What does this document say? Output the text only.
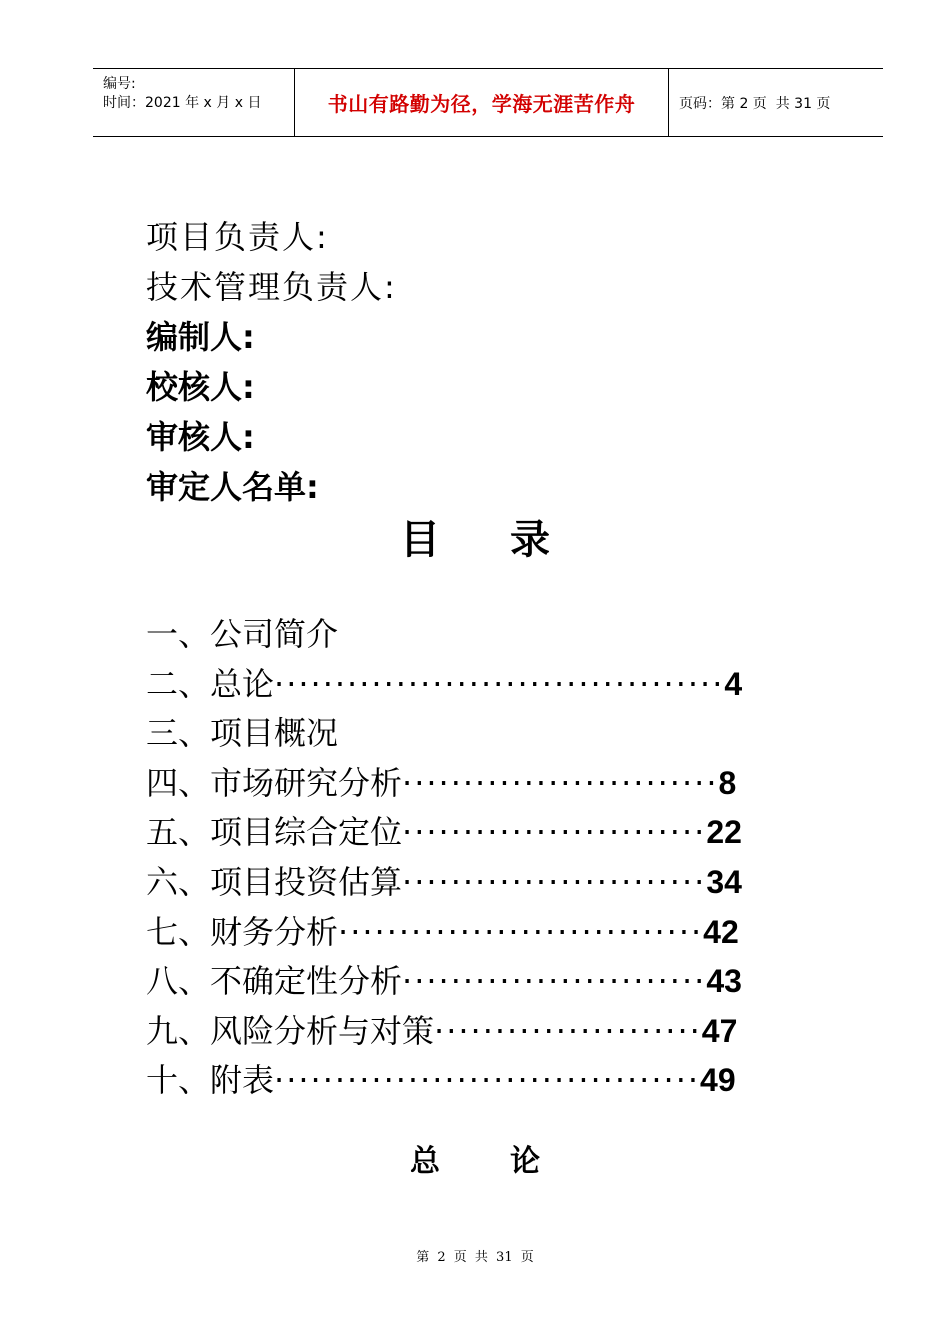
编号:
时间：2021 年 x 月 x 日	书山有路勤为径，学海无涯苦作舟	页码：第 2 页  共 31 页
项目负责人:
技术管理负责人:
编制人:
校核人:
审核人:
审定人名单:
目录
一、公司简介
二、总论 ····································· 4
三、项目概况
四、市场研究分析 ·························· 8
五、项目综合定位 ························· 22
六、项目投资估算 ························· 34
七、财务分析 ······························ 42
八、不确定性分析 ························· 43
九、风险分析与对策 ······················ 47
十、附表 ··································· 49
总论
第 2 页 共 31 页
